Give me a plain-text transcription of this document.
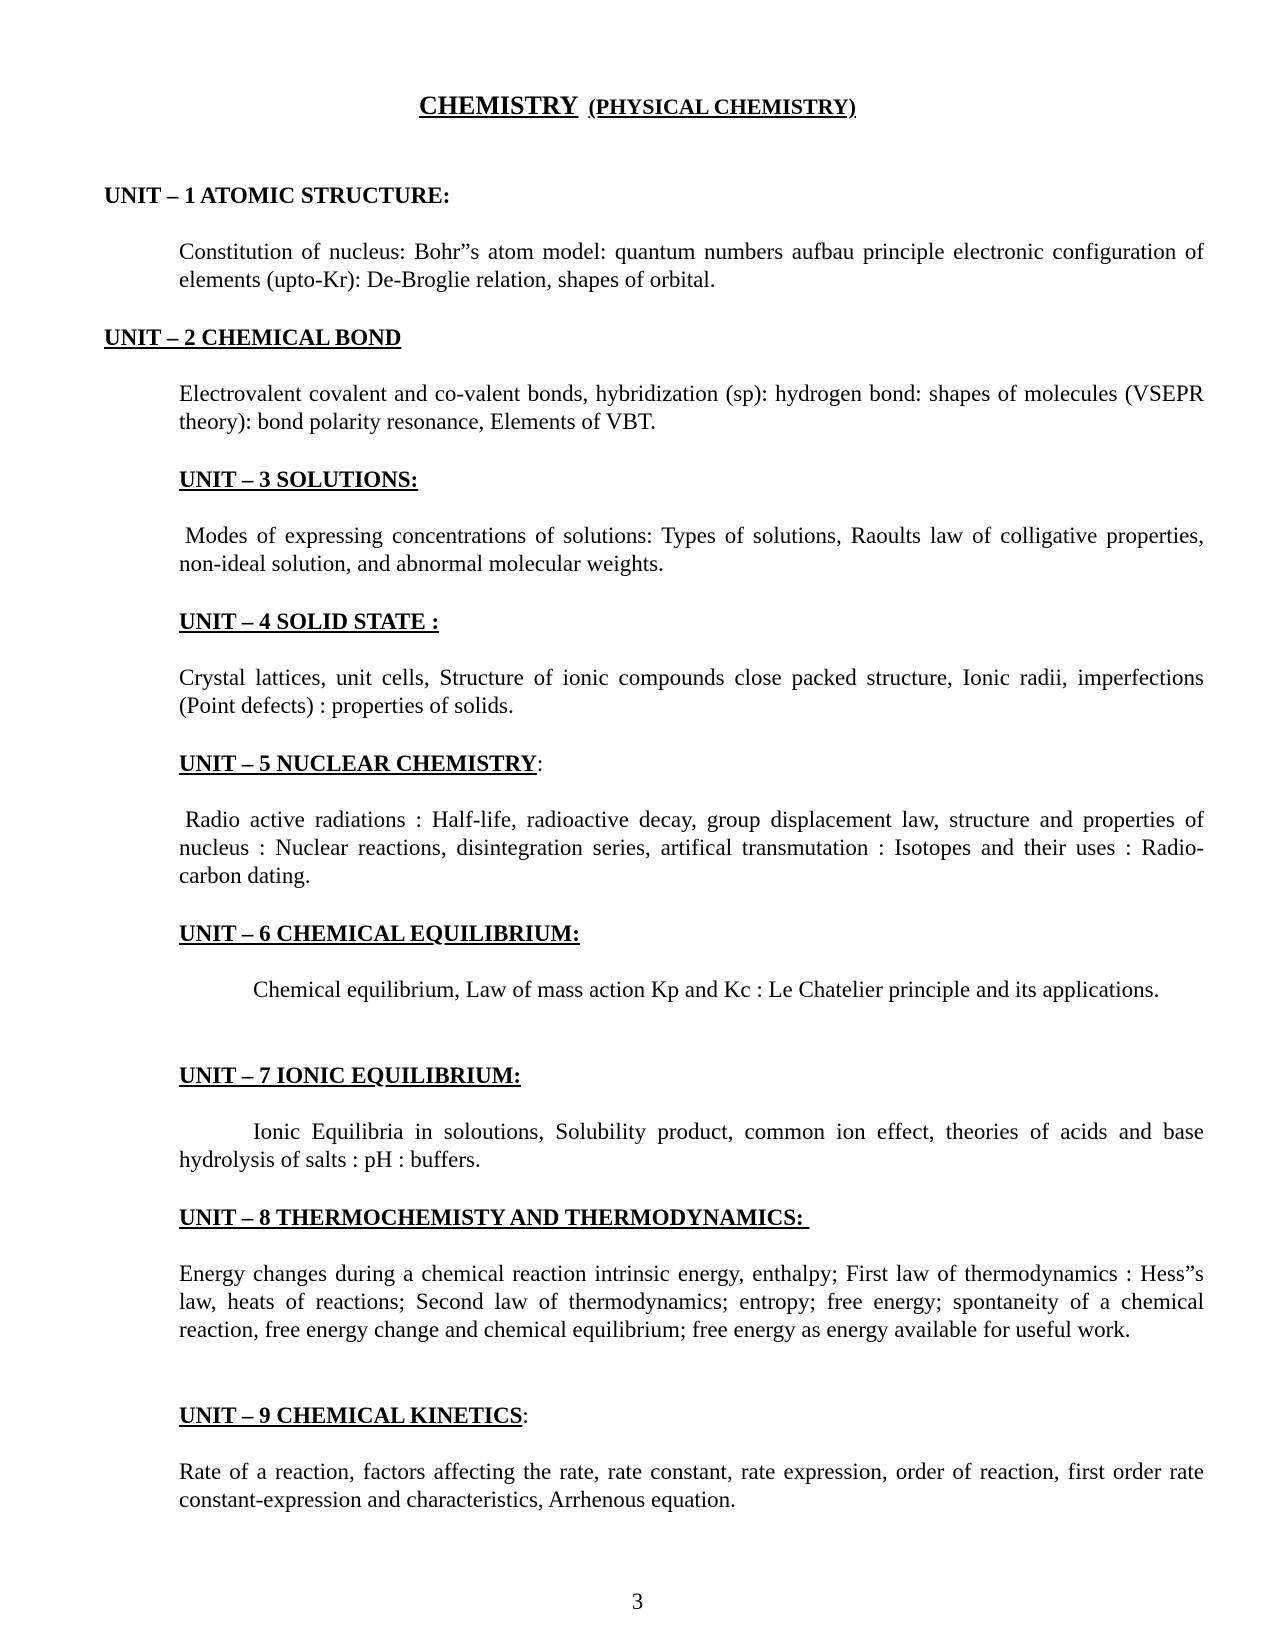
CHEMISTRY (PHYSICAL CHEMISTRY)
UNIT – 1 ATOMIC STRUCTURE:
Constitution of nucleus: Bohr”s atom model: quantum numbers aufbau principle electronic configuration of elements (upto-Kr): De-Broglie relation, shapes of orbital.
UNIT – 2 CHEMICAL BOND
Electrovalent covalent and co-valent bonds, hybridization (sp): hydrogen bond: shapes of molecules (VSEPR theory): bond polarity resonance, Elements of VBT.
UNIT – 3 SOLUTIONS:
Modes of expressing concentrations of solutions: Types of solutions, Raoults law of colligative properties, non-ideal solution, and abnormal molecular weights.
UNIT – 4 SOLID STATE :
Crystal lattices, unit cells, Structure of ionic compounds close packed structure, Ionic radii, imperfections (Point defects) : properties of solids.
UNIT – 5 NUCLEAR CHEMISTRY:
Radio active radiations : Half-life, radioactive decay, group displacement law, structure and properties of nucleus : Nuclear reactions, disintegration series, artifical transmutation : Isotopes and their uses : Radio-carbon dating.
UNIT – 6 CHEMICAL EQUILIBRIUM:
Chemical equilibrium, Law of mass action Kp and Kc : Le Chatelier principle and its applications.
UNIT – 7 IONIC EQUILIBRIUM:
Ionic Equilibria in soloutions, Solubility product, common ion effect, theories of acids and base hydrolysis of salts : pH : buffers.
UNIT – 8 THERMOCHEMISTY AND THERMODYNAMICS:
Energy changes during a chemical reaction intrinsic energy, enthalpy; First law of thermodynamics : Hess”s law, heats of reactions; Second law of thermodynamics; entropy; free energy; spontaneity of a chemical reaction, free energy change and chemical equilibrium; free energy as energy available for useful work.
UNIT – 9 CHEMICAL KINETICS:
Rate of a reaction, factors affecting the rate, rate constant, rate expression, order of reaction, first order rate constant-expression and characteristics, Arrhenous equation.
3
